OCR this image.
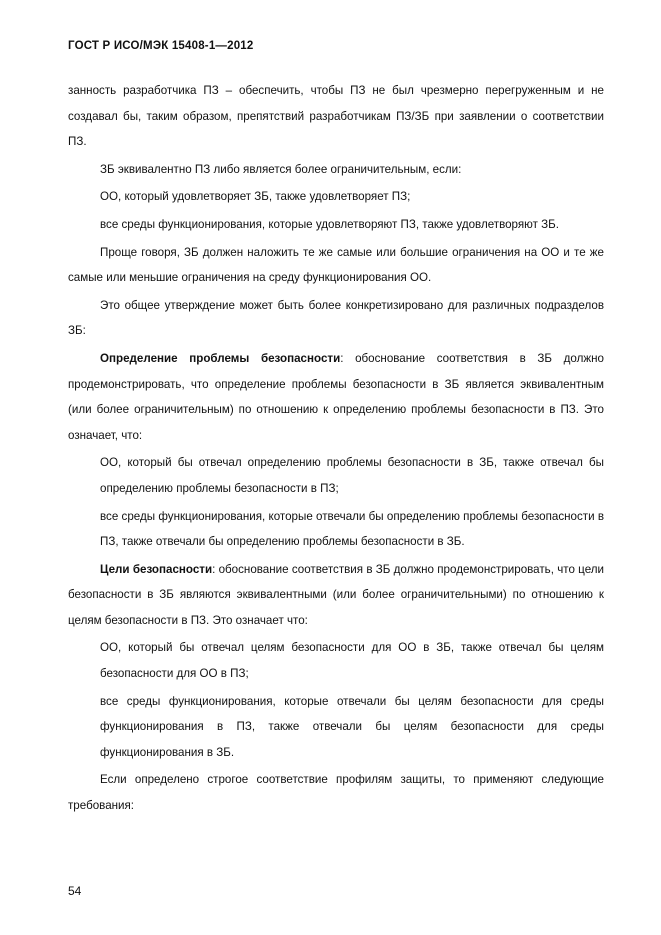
ГОСТ Р ИСО/МЭК 15408-1—2012

занность разработчика ПЗ – обеспечить, чтобы ПЗ не был чрезмерно перегруженным и не создавал бы, таким образом, препятствий разработчикам ПЗ/ЗБ при заявлении о соответствии ПЗ.

ЗБ эквивалентно ПЗ либо является более ограничительным, если:

ОО, который удовлетворяет ЗБ, также удовлетворяет ПЗ;

все среды функционирования, которые удовлетворяют ПЗ, также удовлетворяют ЗБ.

Проще говоря, ЗБ должен наложить те же самые или большие ограничения на ОО и те же самые или меньшие ограничения на среду функционирования ОО.

Это общее утверждение может быть более конкретизировано для различных подразделов ЗБ:

Определение проблемы безопасности: обоснование соответствия в ЗБ должно продемонстрировать, что определение проблемы безопасности в ЗБ является эквивалентным (или более ограничительным) по отношению к определению проблемы безопасности в ПЗ. Это означает, что:

ОО, который бы отвечал определению проблемы безопасности в ЗБ, также отвечал бы определению проблемы безопасности в ПЗ;

все среды функционирования, которые отвечали бы определению проблемы безопасности в ПЗ, также отвечали бы определению проблемы безопасности в ЗБ.

Цели безопасности: обоснование соответствия в ЗБ должно продемонстрировать, что цели безопасности в ЗБ являются эквивалентными (или более ограничительными) по отношению к целям безопасности в ПЗ. Это означает что:

ОО, который бы отвечал целям безопасности для ОО в ЗБ, также отвечал бы целям безопасности для ОО в ПЗ;

все среды функционирования, которые отвечали бы целям безопасности для среды функционирования в ПЗ, также отвечали бы целям безопасности для среды функционирования в ЗБ.

Если определено строгое соответствие профилям защиты, то применяют следующие требования:

54
